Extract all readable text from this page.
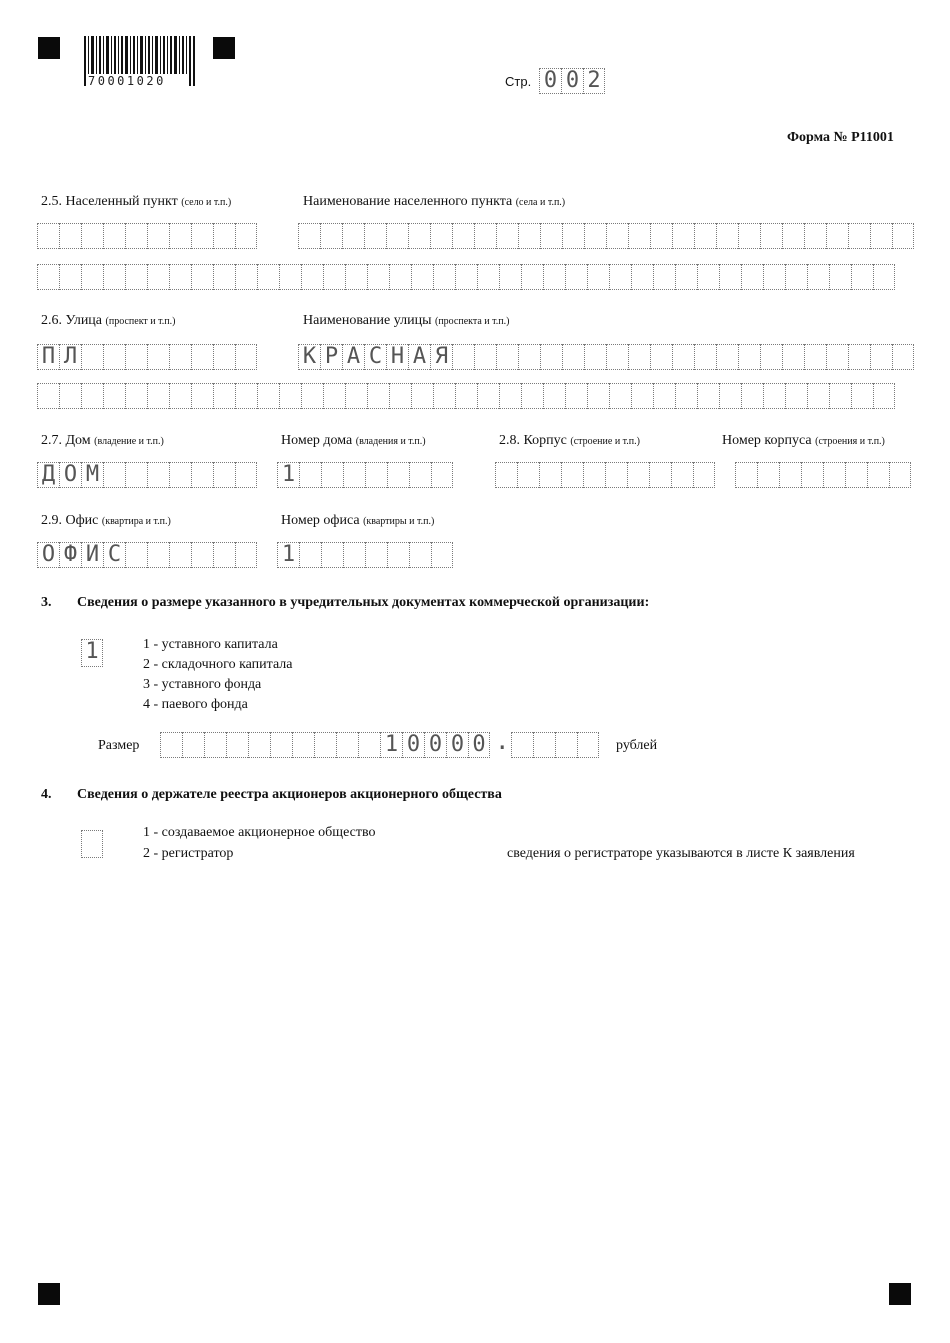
70001020	Стр. 0 0 2
Форма № Р11001
2.5. Населенный пункт (село и т.п.)	Наименование населенного пункта (села и т.п.)
2.6. Улица (проспект и т.п.)	Наименование улицы (проспекта и т.п.)
П Л	К Р А С Н А Я
2.7. Дом (владение и т.п.)	Номер дома (владения и т.п.)	2.8. Корпус (строение и т.п.)	Номер корпуса (строения и т.п.)
Д О М	1
2.9. Офис (квартира и т.п.)	Номер офиса (квартиры и т.п.)
О Ф И С	1
3. Сведения о размере указанного в учредительных документах коммерческой организации:
1	1 - уставного капитала
2 - складочного капитала
3 - уставного фонда
4 - паевого фонда
Размер	1 0 0 0 0 .	рублей
4. Сведения о держателе реестра акционеров акционерного общества
1 - создаваемое акционерное общество
2 - регистратор	сведения о регистраторе указываются в листе К заявления
